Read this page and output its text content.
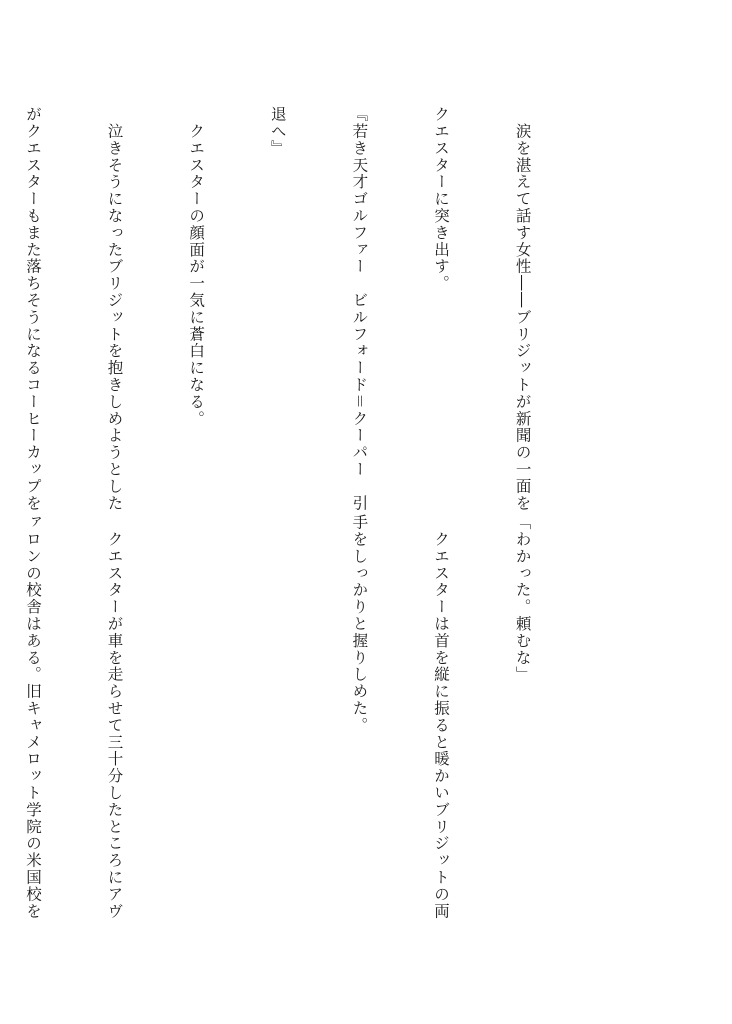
　涙を湛えて話す女性――ブリジットが新聞の一面を

クエスターに突き出す。

『若き天才ゴルファー　ビルフォード＝クーパー　引

退へ』

　クエスターの顔面が一気に蒼白になる。

　泣きそうになったブリジットを抱きしめようとした

がクエスターもまた落ちそうになるコーヒーカップを

「わかった。頼むな」

　クエスターは首を縦に振ると暖かいブリジットの両

手をしっかりと握りしめた。

　クエスターが車を走らせて三十分したところにアヴ

ァロンの校舎はある。旧キャメロット学院の米国校を
